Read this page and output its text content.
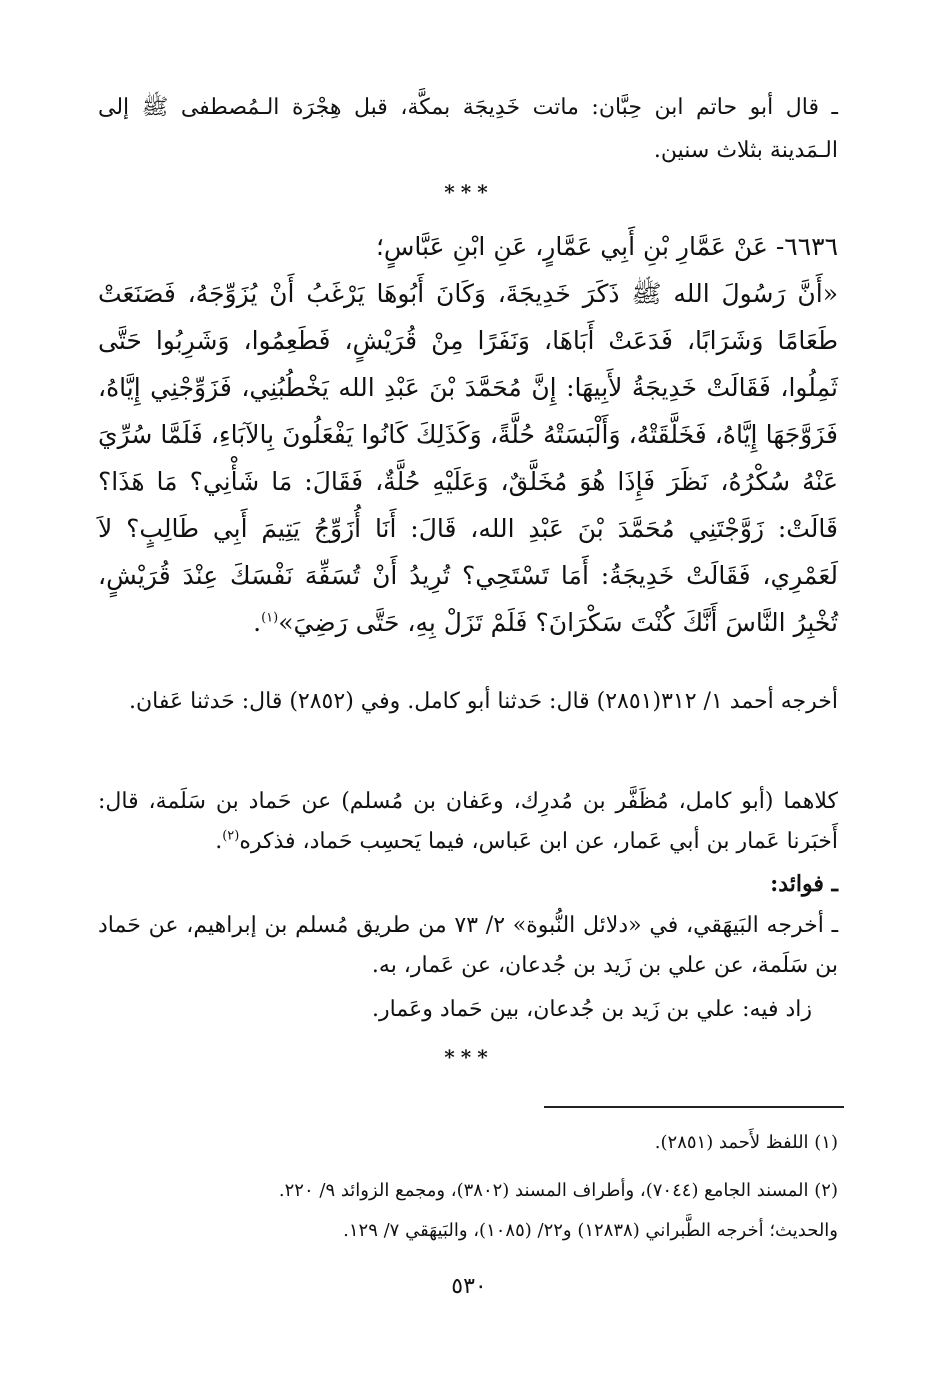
ـ قال أبو حاتم ابن حِبَّان: ماتت خَدِيجَة بمكَّة، قبل هِجْرَة الـمُصطفى ﷺ إلى الـمَدينة بثلاث سنين.

***

٦٦٣٦- عَنْ عَمَّارِ بْنِ أَبِي عَمَّارٍ، عَنِ ابْنِ عَبَّاسٍ؛

«أَنَّ رَسُولَ الله ﷺ ذَكَرَ خَدِيجَةَ، وَكَانَ أَبُوهَا يَرْغَبُ أَنْ يُزَوِّجَهُ، فَصَنَعَتْ طَعَامًا وَشَرَابًا، فَدَعَتْ أَبَاهَا، وَنَفَرًا مِنْ قُرَيْشٍ، فَطَعِمُوا، وَشَرِبُوا حَتَّى ثَمِلُوا، فَقَالَتْ خَدِيجَةُ لأَبِيهَا: إِنَّ مُحَمَّدَ بْنَ عَبْدِ الله يَخْطُبُنِي، فَزَوِّجْنِي إِيَّاهُ، فَزَوَّجَهَا إِيَّاهُ، فَخَلَّقَتْهُ، وَأَلْبَسَتْهُ حُلَّةً، وَكَذَلِكَ كَانُوا يَفْعَلُونَ بِالآبَاءِ، فَلَمَّا سُرِّيَ عَنْهُ سُكْرُهُ، نَظَرَ فَإِذَا هُوَ مُخَلَّقٌ، وَعَلَيْهِ حُلَّةٌ، فَقَالَ: مَا شَأْنِي؟ مَا هَذَا؟ قَالَتْ: زَوَّجْتَنِي مُحَمَّدَ بْنَ عَبْدِ الله، قَالَ: أَنَا أُزَوِّجُ يَتِيمَ أَبِي طَالِبٍ؟ لاَ لَعَمْرِي، فَقَالَتْ خَدِيجَةُ: أَمَا تَسْتَحِي؟ تُرِيدُ أَنْ تُسَفِّهَ نَفْسَكَ عِنْدَ قُرَيْشٍ، تُخْبِرُ النَّاسَ أَنَّكَ كُنْتَ سَكْرَانَ؟ فَلَمْ تَزَلْ بِهِ، حَتَّى رَضِيَ»$^{(١)}$.

أخرجه أحمد ١/ ٣١٢(٢٨٥١) قال: حَدثنا أبو كامل. وفي (٢٨٥٢) قال: حَدثنا عَفان.

كلاهما (أبو كامل، مُظَفَّر بن مُدرِك، وعَفان بن مُسلم) عن حَماد بن سَلَمة، قال: أَخبَرنا عَمار بن أبي عَمار، عن ابن عَباس، فيما يَحسِب حَماد، فذكره$^{(٢)}$.

ـ فوائد:

ـ أخرجه البَيهَقي، في «دلائل النُّبوة» ٢/ ٧٣ من طريق مُسلم بن إبراهيم، عن حَماد بن سَلَمة، عن علي بن زَيد بن جُدعان، عن عَمار، به.

زاد فيه: علي بن زَيد بن جُدعان، بين حَماد وعَمار.

***

(١) اللفظ لأَحمد (٢٨٥١).

(٢) المسند الجامع (٧٠٤٤)، وأطراف المسند (٣٨٠٢)، ومجمع الزوائد ٩/ ٢٢٠.

والحديث؛ أخرجه الطَّبراني (١٢٨٣٨) و٢٢/ (١٠٨٥)، والبَيهَقي ٧/ ١٢٩.

٥٣٠
